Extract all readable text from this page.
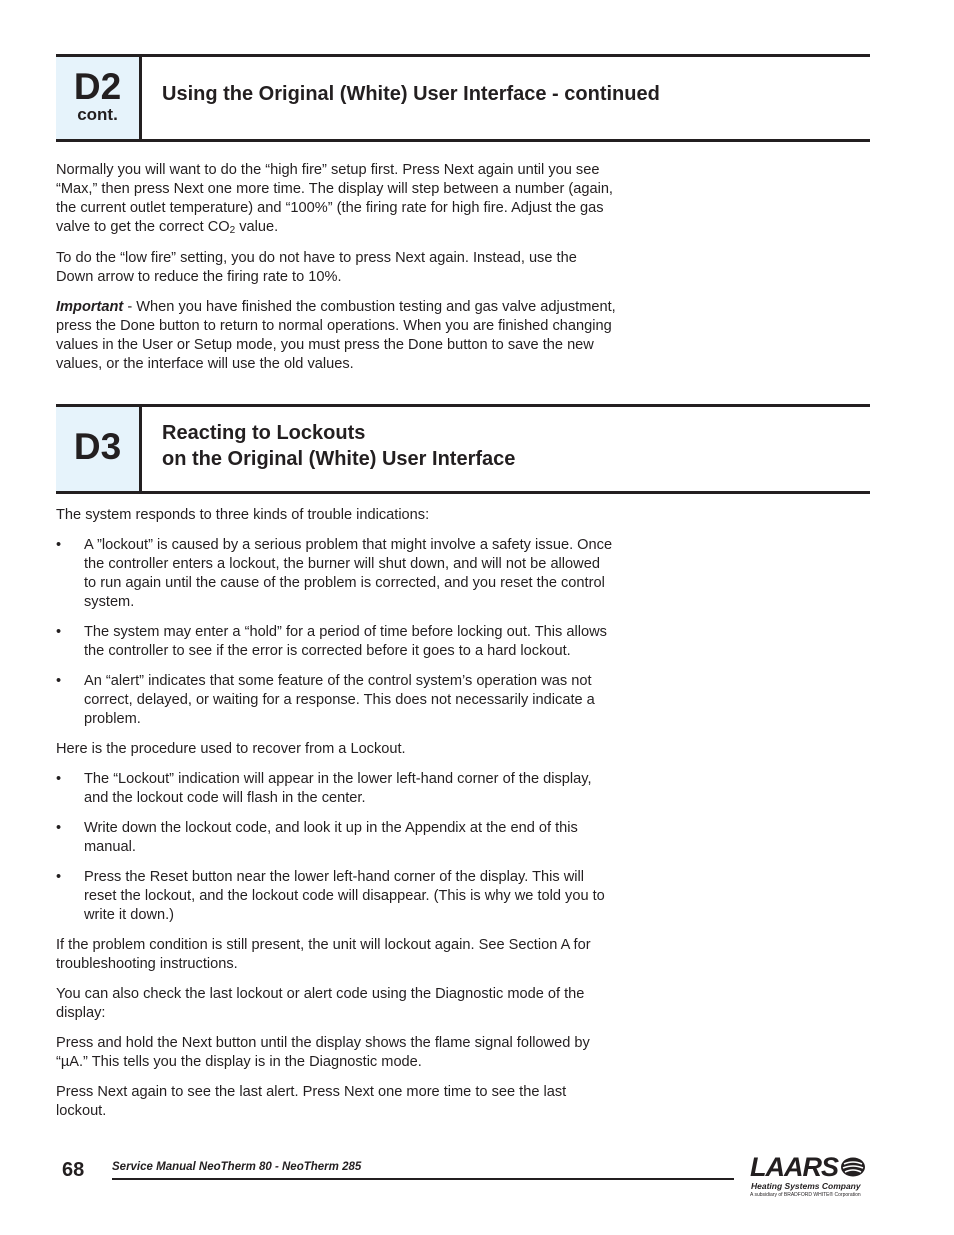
D2
cont.
Using the Original (White) User Interface - continued

Normally you will want to do the “high fire” setup first. Press Next again until you see “Max,” then press Next one more time. The display will step between a number (again, the current outlet temperature) and “100%” (the firing rate for high fire. Adjust the gas valve to get the correct $CO_2$ value.

To do the “low fire” setting, you do not have to press Next again. Instead, use the Down arrow to reduce the firing rate to 10%.

Important - When you have finished the combustion testing and gas valve adjustment, press the Done button to return to normal operations. When you are finished changing values in the User or Setup mode, you must press the Done button to save the new values, or the interface will use the old values.

D3	Reacting to Lockouts
on the Original (White) User Interface

The system responds to three kinds of trouble indications:

• A ”lockout” is caused by a serious problem that might involve a safety issue. Once the controller enters a lockout, the burner will shut down, and will not be allowed to run again until the cause of the problem is corrected, and you reset the control system.
• The system may enter a “hold” for a period of time before locking out. This allows the controller to see if the error is corrected before it goes to a hard lockout.
• An “alert” indicates that some feature of the control system’s operation was not correct, delayed, or waiting for a response. This does not necessarily indicate a problem.

Here is the procedure used to recover from a Lockout.

• The “Lockout” indication will appear in the lower left-hand corner of the display, and the lockout code will flash in the center.
• Write down the lockout code, and look it up in the Appendix at the end of this manual.
• Press the Reset button near the lower left-hand corner of the display. This will reset the lockout, and the lockout code will disappear. (This is why we told you to write it down.)

If the problem condition is still present, the unit will lockout again. See Section A for troubleshooting instructions.

You can also check the last lockout or alert code using the Diagnostic mode of the display:

Press and hold the Next button until the display shows the flame signal followed by “µA.” This tells you the display is in the Diagnostic mode.

Press Next again to see the last alert. Press Next one more time to see the last lockout.

68 Service Manual NeoTherm 80 - NeoTherm 285	LAARS
Heating Systems Company
A subsidiary of BRADFORD WHITE® Corporation
